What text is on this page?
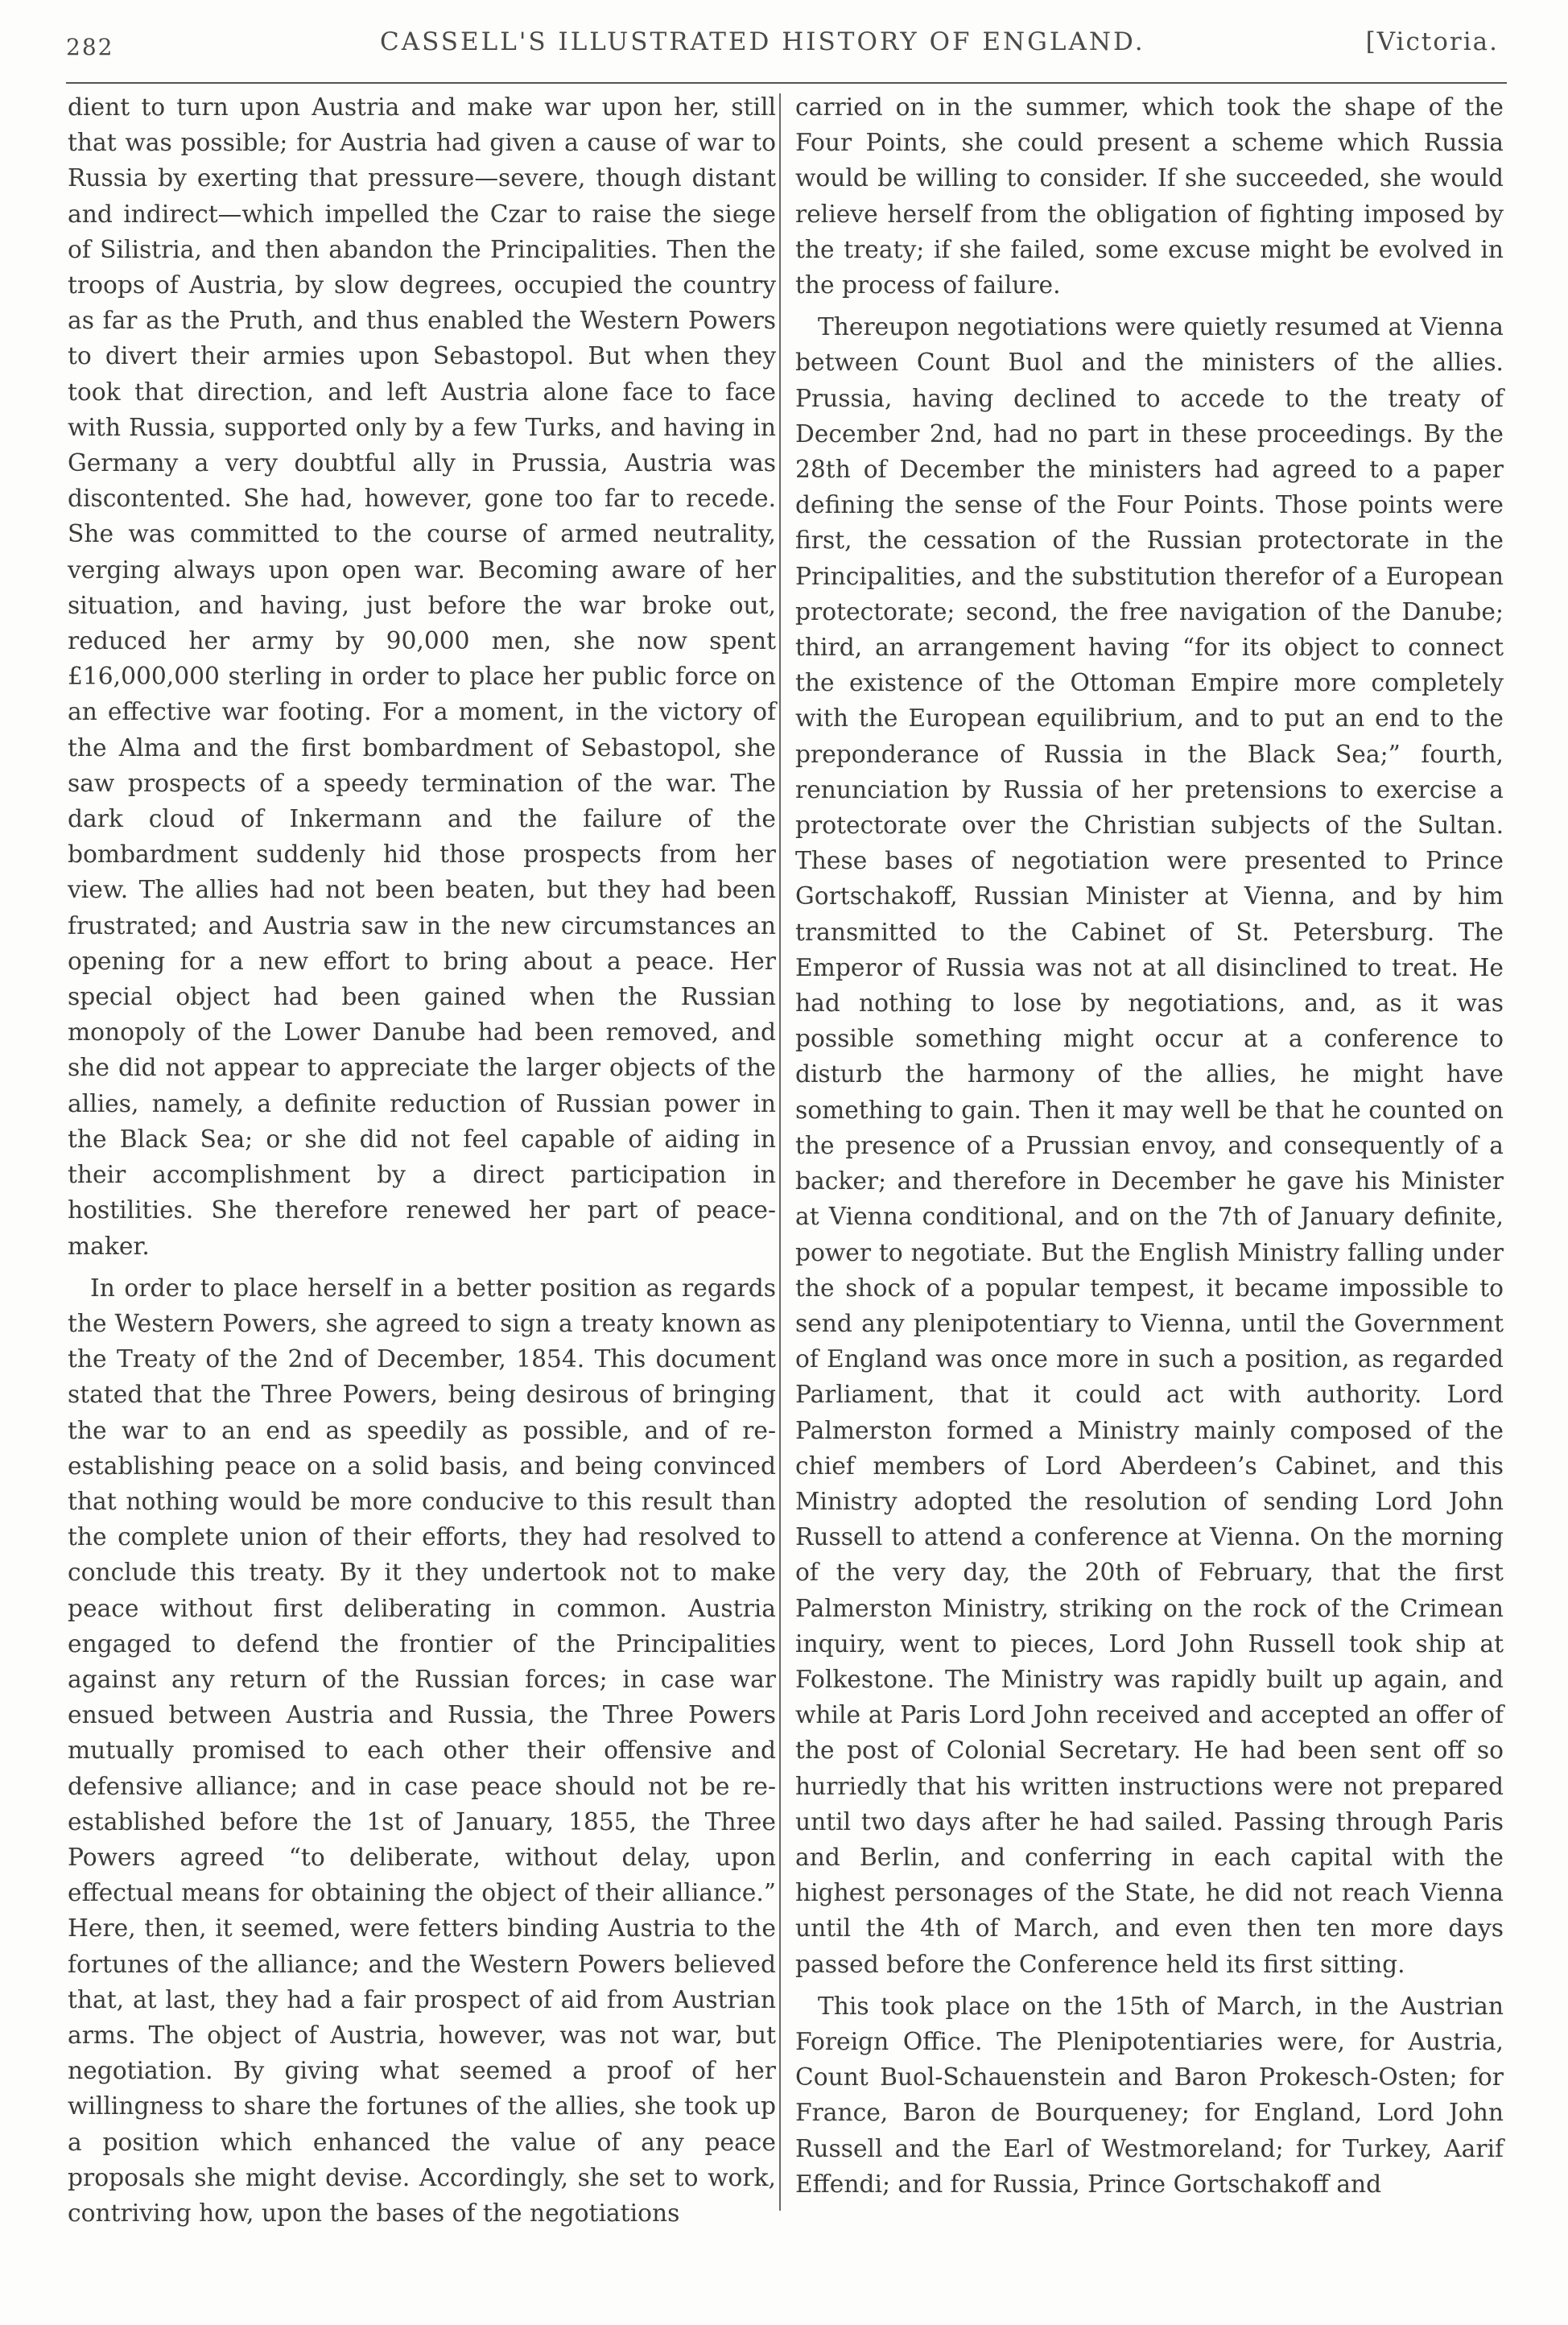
282	CASSELL'S ILLUSTRATED HISTORY OF ENGLAND.	[Victoria.

dient to turn upon Austria and make war upon her, still that was possible; for Austria had given a cause of war to Russia by exerting that pressure—severe, though distant and indirect—which impelled the Czar to raise the siege of Silistria, and then abandon the Principalities. Then the troops of Austria, by slow degrees, occupied the country as far as the Pruth, and thus enabled the Western Powers to divert their armies upon Sebastopol. But when they took that direction, and left Austria alone face to face with Russia, supported only by a few Turks, and having in Germany a very doubtful ally in Prussia, Austria was discontented. She had, however, gone too far to recede. She was committed to the course of armed neutrality, verging always upon open war. Becoming aware of her situation, and having, just before the war broke out, reduced her army by 90,000 men, she now spent £16,000,000 sterling in order to place her public force on an effective war footing. For a moment, in the victory of the Alma and the first bombardment of Sebastopol, she saw prospects of a speedy termination of the war. The dark cloud of Inkermann and the failure of the bombardment suddenly hid those prospects from her view. The allies had not been beaten, but they had been frustrated; and Austria saw in the new circumstances an opening for a new effort to bring about a peace. Her special object had been gained when the Russian monopoly of the Lower Danube had been removed, and she did not appear to appreciate the larger objects of the allies, namely, a definite reduction of Russian power in the Black Sea; or she did not feel capable of aiding in their accomplishment by a direct participation in hostilities. She therefore renewed her part of peace-maker.

In order to place herself in a better position as regards the Western Powers, she agreed to sign a treaty known as the Treaty of the 2nd of December, 1854. This document stated that the Three Powers, being desirous of bringing the war to an end as speedily as possible, and of re-establishing peace on a solid basis, and being convinced that nothing would be more conducive to this result than the complete union of their efforts, they had resolved to conclude this treaty. By it they undertook not to make peace without first deliberating in common. Austria engaged to defend the frontier of the Principalities against any return of the Russian forces; in case war ensued between Austria and Russia, the Three Powers mutually promised to each other their offensive and defensive alliance; and in case peace should not be re-established before the 1st of January, 1855, the Three Powers agreed “to deliberate, without delay, upon effectual means for obtaining the object of their alliance.” Here, then, it seemed, were fetters binding Austria to the fortunes of the alliance; and the Western Powers believed that, at last, they had a fair prospect of aid from Austrian arms. The object of Austria, however, was not war, but negotiation. By giving what seemed a proof of her willingness to share the fortunes of the allies, she took up a position which enhanced the value of any peace proposals she might devise. Accordingly, she set to work, contriving how, upon the bases of the negotiations

carried on in the summer, which took the shape of the Four Points, she could present a scheme which Russia would be willing to consider. If she succeeded, she would relieve herself from the obligation of fighting imposed by the treaty; if she failed, some excuse might be evolved in the process of failure.

Thereupon negotiations were quietly resumed at Vienna between Count Buol and the ministers of the allies. Prussia, having declined to accede to the treaty of December 2nd, had no part in these proceedings. By the 28th of December the ministers had agreed to a paper defining the sense of the Four Points. Those points were first, the cessation of the Russian protectorate in the Principalities, and the substitution therefor of a European protectorate; second, the free navigation of the Danube; third, an arrangement having “for its object to connect the existence of the Ottoman Empire more completely with the European equilibrium, and to put an end to the preponderance of Russia in the Black Sea;” fourth, renunciation by Russia of her pretensions to exercise a protectorate over the Christian subjects of the Sultan. These bases of negotiation were presented to Prince Gortschakoff, Russian Minister at Vienna, and by him transmitted to the Cabinet of St. Petersburg. The Emperor of Russia was not at all disinclined to treat. He had nothing to lose by negotiations, and, as it was possible something might occur at a conference to disturb the harmony of the allies, he might have something to gain. Then it may well be that he counted on the presence of a Prussian envoy, and consequently of a backer; and therefore in December he gave his Minister at Vienna conditional, and on the 7th of January definite, power to negotiate. But the English Ministry falling under the shock of a popular tempest, it became impossible to send any plenipotentiary to Vienna, until the Government of England was once more in such a position, as regarded Parliament, that it could act with authority. Lord Palmerston formed a Ministry mainly composed of the chief members of Lord Aberdeen’s Cabinet, and this Ministry adopted the resolution of sending Lord John Russell to attend a conference at Vienna. On the morning of the very day, the 20th of February, that the first Palmerston Ministry, striking on the rock of the Crimean inquiry, went to pieces, Lord John Russell took ship at Folkestone. The Ministry was rapidly built up again, and while at Paris Lord John received and accepted an offer of the post of Colonial Secretary. He had been sent off so hurriedly that his written instructions were not prepared until two days after he had sailed. Passing through Paris and Berlin, and conferring in each capital with the highest personages of the State, he did not reach Vienna until the 4th of March, and even then ten more days passed before the Conference held its first sitting.

This took place on the 15th of March, in the Austrian Foreign Office. The Plenipotentiaries were, for Austria, Count Buol-Schauenstein and Baron Prokesch-Osten; for France, Baron de Bourqueney; for England, Lord John Russell and the Earl of Westmoreland; for Turkey, Aarif Effendi; and for Russia, Prince Gortschakoff and
